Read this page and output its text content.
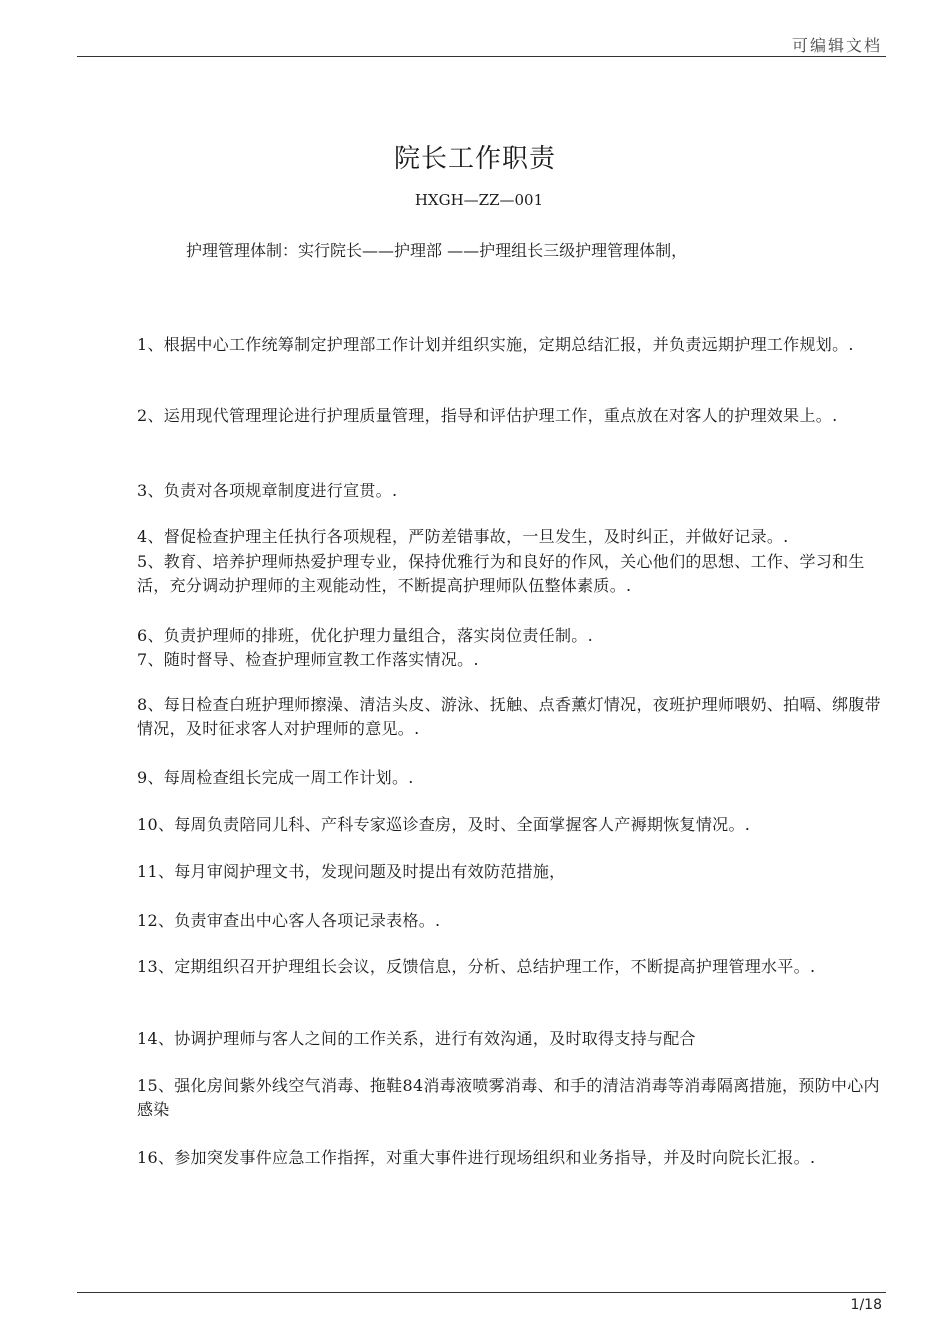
可编辑文档
院长工作职责
HXGH—ZZ—001
护理管理体制：实行院长——护理部 ——护理组长三级护理管理体制，
1、根据中心工作统筹制定护理部工作计划并组织实施，定期总结汇报，并负责远期护理工作规划。.
2、运用现代管理理论进行护理质量管理，指导和评估护理工作，重点放在对客人的护理效果上。.
3、负责对各项规章制度进行宣贯。.
4、督促检查护理主任执行各项规程，严防差错事故，一旦发生，及时纠正，并做好记录。.
5、教育、培养护理师热爱护理专业，保持优雅行为和良好的作风，关心他们的思想、工作、学习和生活，充分调动护理师的主观能动性，不断提高护理师队伍整体素质。.
6、负责护理师的排班，优化护理力量组合，落实岗位责任制。.
7、随时督导、检查护理师宣教工作落实情况。.
8、每日检查白班护理师擦澡、清洁头皮、游泳、抚触、点香薰灯情况，夜班护理师喂奶、拍嗝、绑腹带情况，及时征求客人对护理师的意见。.
9、每周检查组长完成一周工作计划。.
10、每周负责陪同儿科、产科专家巡诊查房，及时、全面掌握客人产褥期恢复情况。.
11、每月审阅护理文书，发现问题及时提出有效防范措施，
12、负责审查出中心客人各项记录表格。.
13、定期组织召开护理组长会议，反馈信息，分析、总结护理工作，不断提高护理管理水平。.
14、协调护理师与客人之间的工作关系，进行有效沟通，及时取得支持与配合
15、强化房间紫外线空气消毒、拖鞋84消毒液喷雾消毒、和手的清洁消毒等消毒隔离措施，预防中心内感染
16、参加突发事件应急工作指挥，对重大事件进行现场组织和业务指导，并及时向院长汇报。.
1/18
